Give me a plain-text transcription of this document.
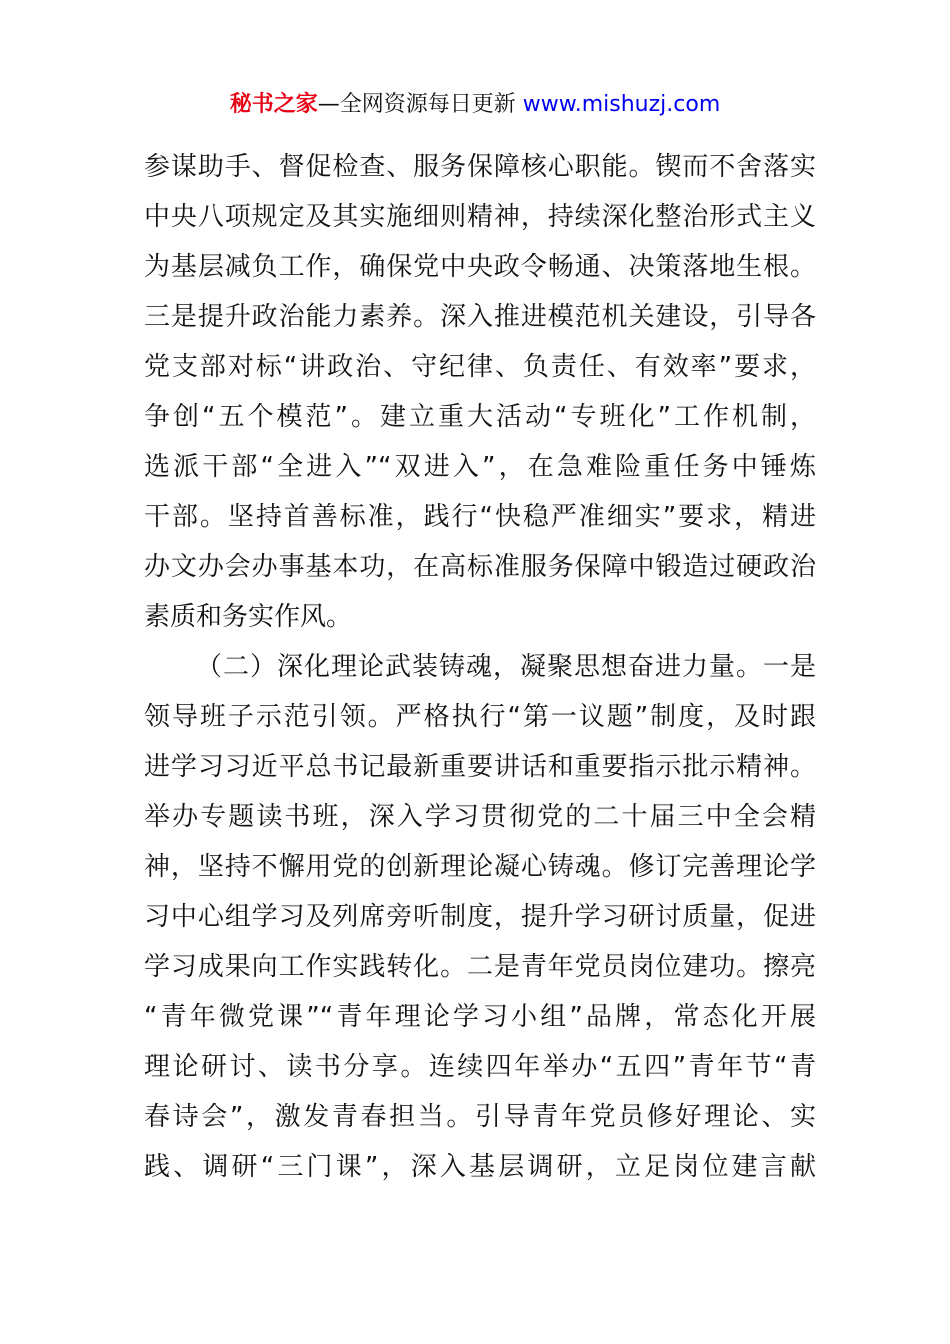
秘书之家—全网资源每日更新 www.mishuzj.com
参谋助手、督促检查、服务保障核心职能。锲而不舍落实
中央八项规定及其实施细则精神，持续深化整治形式主义
为基层减负工作，确保党中央政令畅通、决策落地生根。
三是提升政治能力素养。深入推进模范机关建设，引导各
党支部对标“讲政治、守纪律、负责任、有效率”要求，
争创“五个模范”。建立重大活动“专班化”工作机制，
选派干部“全进入”“双进入”，在急难险重任务中锤炼
干部。坚持首善标准，践行“快稳严准细实”要求，精进
办文办会办事基本功，在高标准服务保障中锻造过硬政治
素质和务实作风。
（二）深化理论武装铸魂，凝聚思想奋进力量。一是
领导班子示范引领。严格执行“第一议题”制度，及时跟
进学习习近平总书记最新重要讲话和重要指示批示精神。
举办专题读书班，深入学习贯彻党的二十届三中全会精
神，坚持不懈用党的创新理论凝心铸魂。修订完善理论学
习中心组学习及列席旁听制度，提升学习研讨质量，促进
学习成果向工作实践转化。二是青年党员岗位建功。擦亮
“青年微党课”“青年理论学习小组”品牌，常态化开展
理论研讨、读书分享。连续四年举办“五四”青年节“青
春诗会”，激发青春担当。引导青年党员修好理论、实
践、调研“三门课”，深入基层调研，立足岗位建言献
